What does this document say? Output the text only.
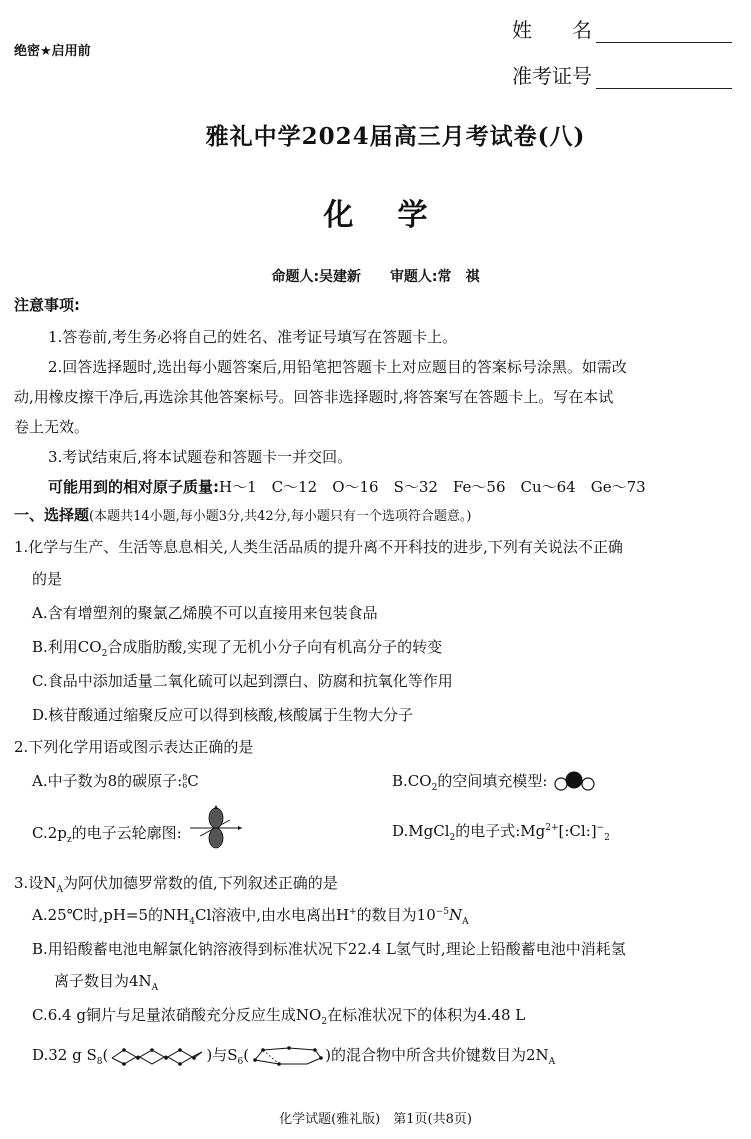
绝密★启用前
姓　　名
准考证号
雅礼中学2024届高三月考试卷(八)
化学
命题人:吴建新 审题人:常　祺
注意事项:
1.答卷前,考生务必将自己的姓名、准考证号填写在答题卡上。
2.回答选择题时,选出每小题答案后,用铅笔把答题卡上对应题目的答案标号涂黑。如需改
动,用橡皮擦干净后,再选涂其他答案标号。回答非选择题时,将答案写在答题卡上。写在本试
卷上无效。
3.考试结束后,将本试题卷和答题卡一并交回。
可能用到的相对原子质量:H～1　C～12　O～16　S～32　Fe～56　Cu～64　Ge～73
一、选择题(本题共14小题,每小题3分,共42分,每小题只有一个选项符合题意。)
1.化学与生产、生活等息息相关,人类生活品质的提升离不开科技的进步,下列有关说法不正确
的是
A.含有增塑剂的聚氯乙烯膜不可以直接用来包装食品
B.利用$CO_2$合成脂肪酸,实现了无机小分子向有机高分子的转变
C.食品中添加适量二氧化硫可以起到漂白、防腐和抗氧化等作用
D.核苷酸通过缩聚反应可以得到核酸,核酸属于生物大分子
2.下列化学用语或图示表达正确的是
A.中子数为8的碳原子: 8
6 C	$B.CO_2$的空间填充模型:
$C.2p_z$的电子云轮廓图:	D.MgCl$_2$的电子式$:Mg^{2+}[:Cl:]^-_2$
3.设$N_A$为阿伏加德罗常数的值,下列叙述正确的是
A.25℃时,pH=5的$NH_4Cl$溶液中,由水电离出H+的数目为$10^{-5}N_A$
B.用铅酸蓄电池电解氯化钠溶液得到标准状况下22.4 L氢气时,理论上铅酸蓄电池中消耗氢
离子数目为$4N_A$
C.6.4 g铜片与足量浓硝酸充分反应生成$NO_2$在标准状况下的体积为4.48 L
D.32 g $S_8$(	)与$S_6$(	)的混合物中所含共价键数目为$2N_A$
化学试题(雅礼版)　第1页(共8页)
